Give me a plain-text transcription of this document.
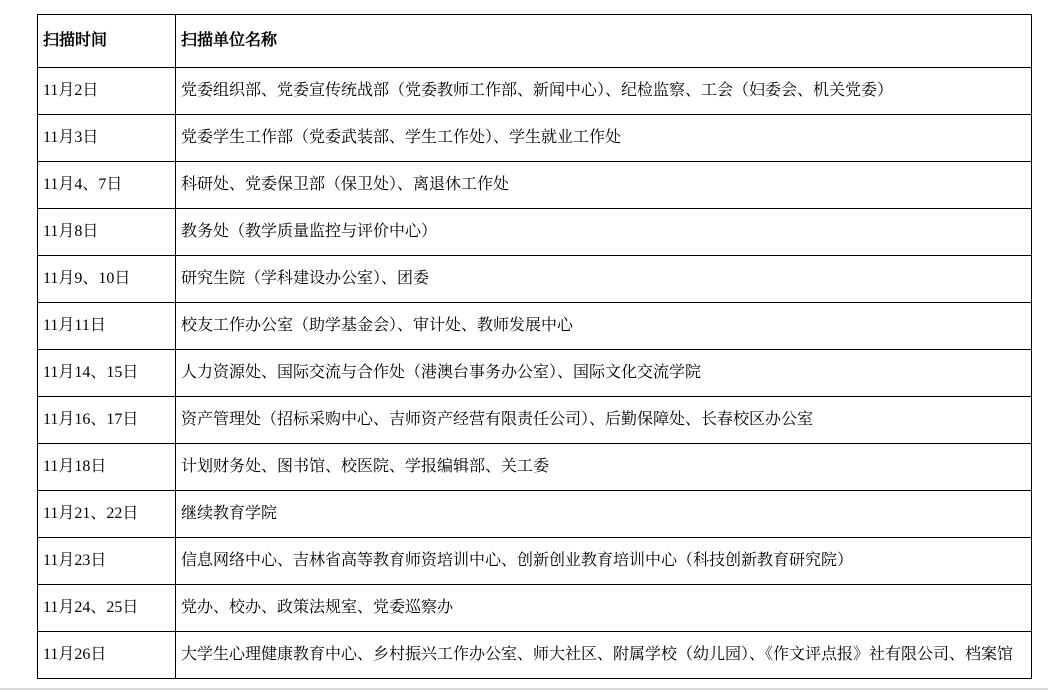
扫描时间	扫描单位名称
11月2日	党委组织部、党委宣传统战部（党委教师工作部、新闻中心）、纪检监察、工会（妇委会、机关党委）
11月3日	党委学生工作部（党委武装部、学生工作处）、学生就业工作处
11月4、7日	科研处、党委保卫部（保卫处）、离退休工作处
11月8日	教务处（教学质量监控与评价中心）
11月9、10日	研究生院（学科建设办公室）、团委
11月11日	校友工作办公室（助学基金会）、审计处、教师发展中心
11月14、15日	人力资源处、国际交流与合作处（港澳台事务办公室）、国际文化交流学院
11月16、17日	资产管理处（招标采购中心、吉师资产经营有限责任公司）、后勤保障处、长春校区办公室
11月18日	计划财务处、图书馆、校医院、学报编辑部、关工委
11月21、22日	继续教育学院
11月23日	信息网络中心、吉林省高等教育师资培训中心、创新创业教育培训中心（科技创新教育研究院）
11月24、25日	党办、校办、政策法规室、党委巡察办
11月26日	大学生心理健康教育中心、乡村振兴工作办公室、师大社区、附属学校（幼儿园）、《作文评点报》社有限公司、档案馆
